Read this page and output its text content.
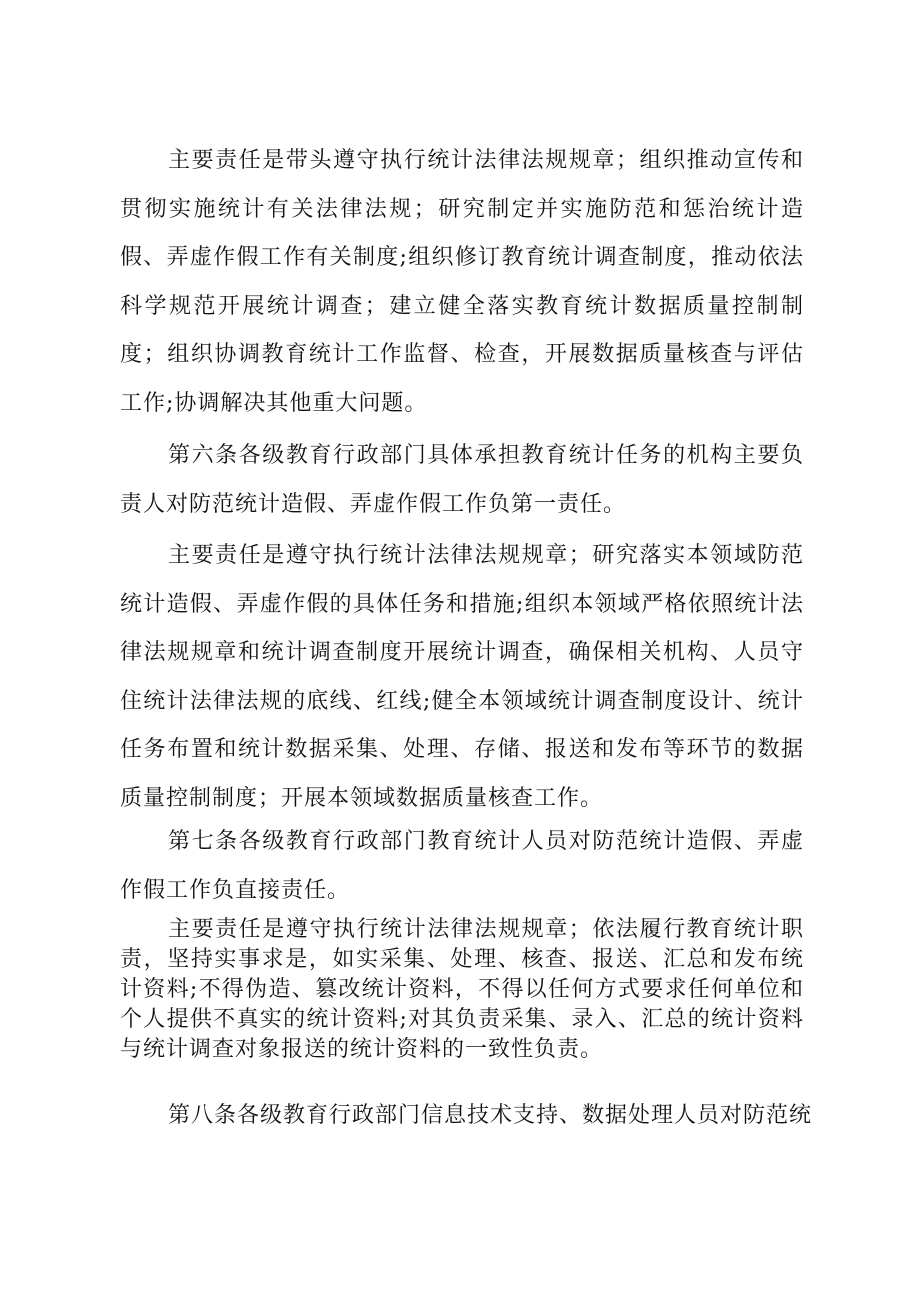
主要责任是带头遵守执行统计法律法规规章；组织推动宣传和贯彻实施统计有关法律法规；研究制定并实施防范和惩治统计造假、弄虚作假工作有关制度;组织修订教育统计调查制度，推动依法科学规范开展统计调查；建立健全落实教育统计数据质量控制制度；组织协调教育统计工作监督、检查，开展数据质量核查与评估工作;协调解决其他重大问题。

第六条各级教育行政部门具体承担教育统计任务的机构主要负责人对防范统计造假、弄虚作假工作负第一责任。

主要责任是遵守执行统计法律法规规章；研究落实本领域防范统计造假、弄虚作假的具体任务和措施;组织本领域严格依照统计法律法规规章和统计调查制度开展统计调查，确保相关机构、人员守住统计法律法规的底线、红线;健全本领域统计调查制度设计、统计任务布置和统计数据采集、处理、存储、报送和发布等环节的数据质量控制制度；开展本领域数据质量核查工作。

第七条各级教育行政部门教育统计人员对防范统计造假、弄虚作假工作负直接责任。

主要责任是遵守执行统计法律法规规章；依法履行教育统计职责，坚持实事求是，如实采集、处理、核查、报送、汇总和发布统计资料;不得伪造、篡改统计资料，不得以任何方式要求任何单位和个人提供不真实的统计资料;对其负责采集、录入、汇总的统计资料与统计调查对象报送的统计资料的一致性负责。

第八条各级教育行政部门信息技术支持、数据处理人员对防范统
